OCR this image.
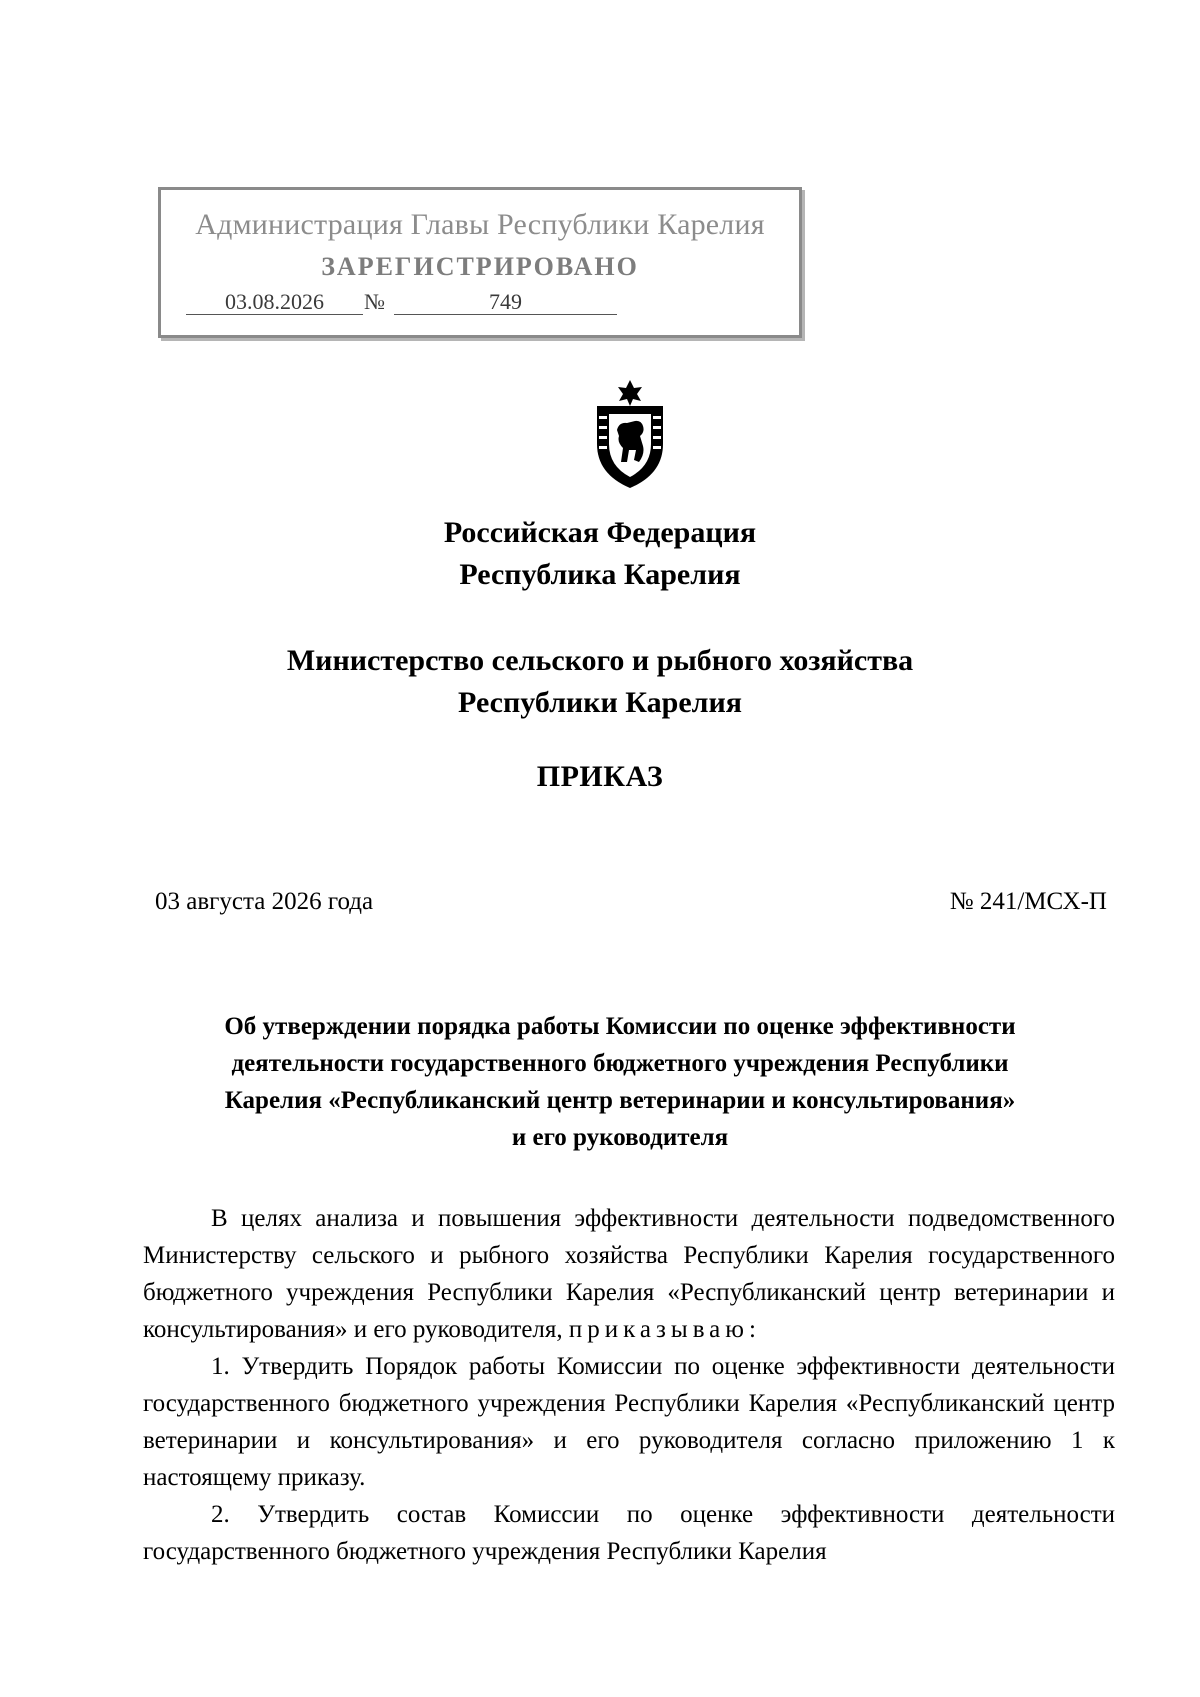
Администрация Главы Республики Карелия
ЗАРЕГИСТРИРОВАНО
03.08.2026	№	749
Российская Федерация
Республика Карелия
Министерство сельского и рыбного хозяйства
Республики Карелия
ПРИКАЗ
03 августа 2026 года	№ 241/МСХ-П
Об утверждении порядка работы Комиссии по оценке эффективности
деятельности государственного бюджетного учреждения Республики
Карелия «Республиканский центр ветеринарии и консультирования»
и его руководителя

В целях анализа и повышения эффективности деятельности подведомственного Министерству сельского и рыбного хозяйства Республики Карелия государственного бюджетного учреждения Республики Карелия «Республиканский центр ветеринарии и консультирования» и его руководителя, приказываю:

1. Утвердить Порядок работы Комиссии по оценке эффективности деятельности государственного бюджетного учреждения Республики Карелия «Республиканский центр ветеринарии и консультирования» и его руководителя согласно приложению 1 к настоящему приказу.

2. Утвердить состав Комиссии по оценке эффективности деятельности государственного бюджетного учреждения Республики Карелия
